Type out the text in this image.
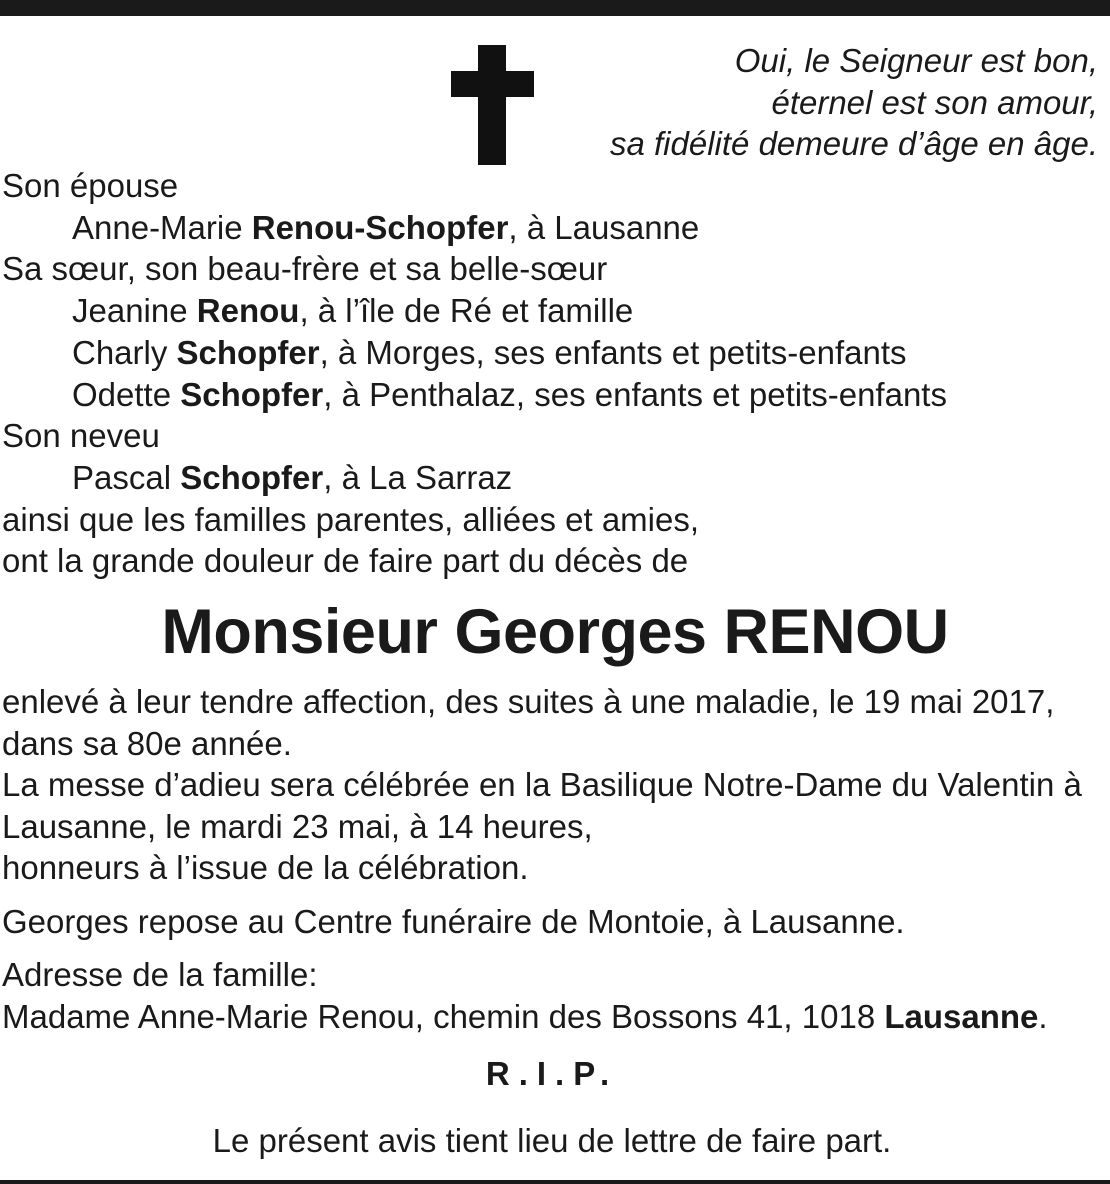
Oui, le Seigneur est bon,
éternel est son amour,
sa fidélité demeure d’âge en âge.
Son épouse
Anne-Marie Renou-Schopfer, à Lausanne
Sa sœur, son beau-frère et sa belle-sœur
Jeanine Renou, à l’île de Ré et famille
Charly Schopfer, à Morges, ses enfants et petits-enfants
Odette Schopfer, à Penthalaz, ses enfants et petits-enfants
Son neveu
Pascal Schopfer, à La Sarraz
ainsi que les familles parentes, alliées et amies,
ont la grande douleur de faire part du décès de
Monsieur Georges RENOU
enlevé à leur tendre affection, des suites à une maladie, le 19 mai 2017,
dans sa 80e année.
La messe d’adieu sera célébrée en la Basilique Notre-Dame du Valentin à
Lausanne, le mardi 23 mai, à 14 heures,
honneurs à l’issue de la célébration.
Georges repose au Centre funéraire de Montoie, à Lausanne.
Adresse de la famille:
Madame Anne-Marie Renou, chemin des Bossons 41, 1018 Lausanne.
R.I.P.
Le présent avis tient lieu de lettre de faire part.
